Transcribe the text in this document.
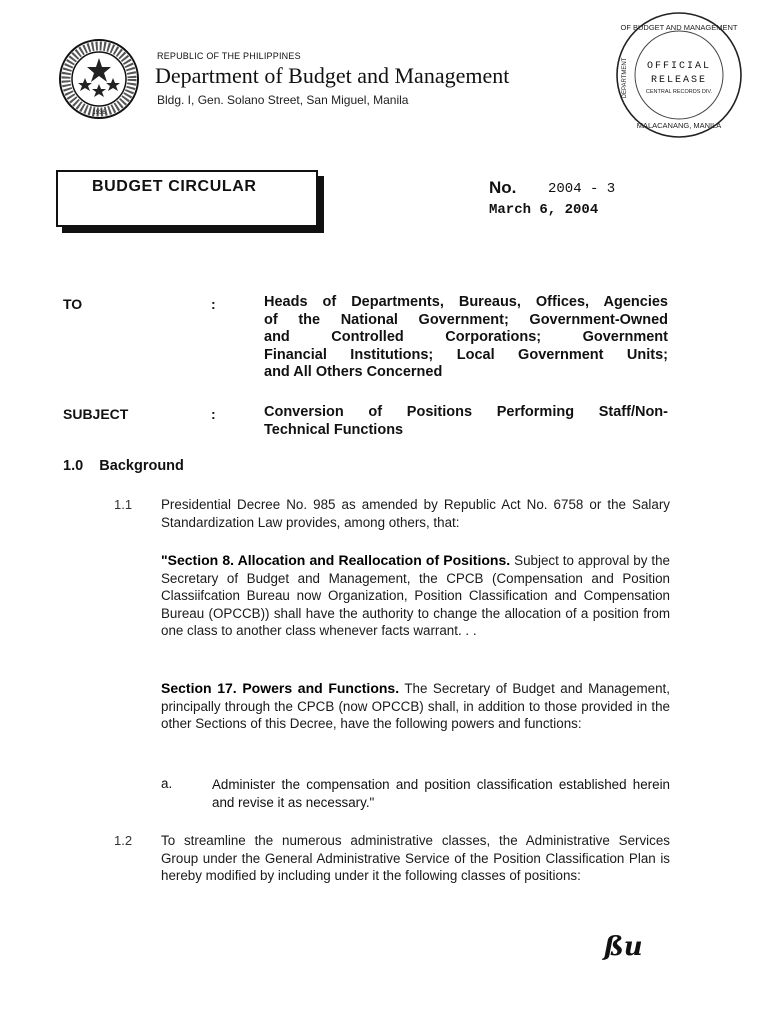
1936
REPUBLIC OF THE PHILIPPINES
Department of Budget and Management
Bldg. I, Gen. Solano Street, San Miguel, Manila
OFFICIAL
RELEASE
CENTRAL RECORDS DIV.
OF BUDGET AND MANAGEMENT
MALACANANG, MANILA
DEPARTMENT
BUDGET CIRCULAR	No. 2004 - 3
March 6, 2004
TO	:	Heads of Departments, Bureaus, Offices, Agencies
of the National Government; Government-Owned
and Controlled Corporations; Government
Financial Institutions; Local Government Units;
and All Others Concerned
SUBJECT	:	Conversion of Positions Performing Staff/Non-
Technical Functions
1.0 Background
1.1 Presidential Decree No. 985 as amended by Republic Act No. 6758 or the Salary Standardization Law provides, among others, that:
"Section 8. Allocation and Reallocation of Positions. Subject to approval by the Secretary of Budget and Management, the CPCB (Compensation and Position Classiifcation Bureau now Organization, Position Classification and Compensation Bureau (OPCCB)) shall have the authority to change the allocation of a position from one class to another class whenever facts warrant. . .
Section 17. Powers and Functions. The Secretary of Budget and Management, principally through the CPCB (now OPCCB) shall, in addition to those provided in the other Sections of this Decree, have the following powers and functions:
a.	Administer the compensation and position classification established herein and revise it as necessary."
1.2 To streamline the numerous administrative classes, the Administrative Services Group under the General Administrative Service of the Position Classification Plan is hereby modified by including under it the following classes of positions:
ßu
